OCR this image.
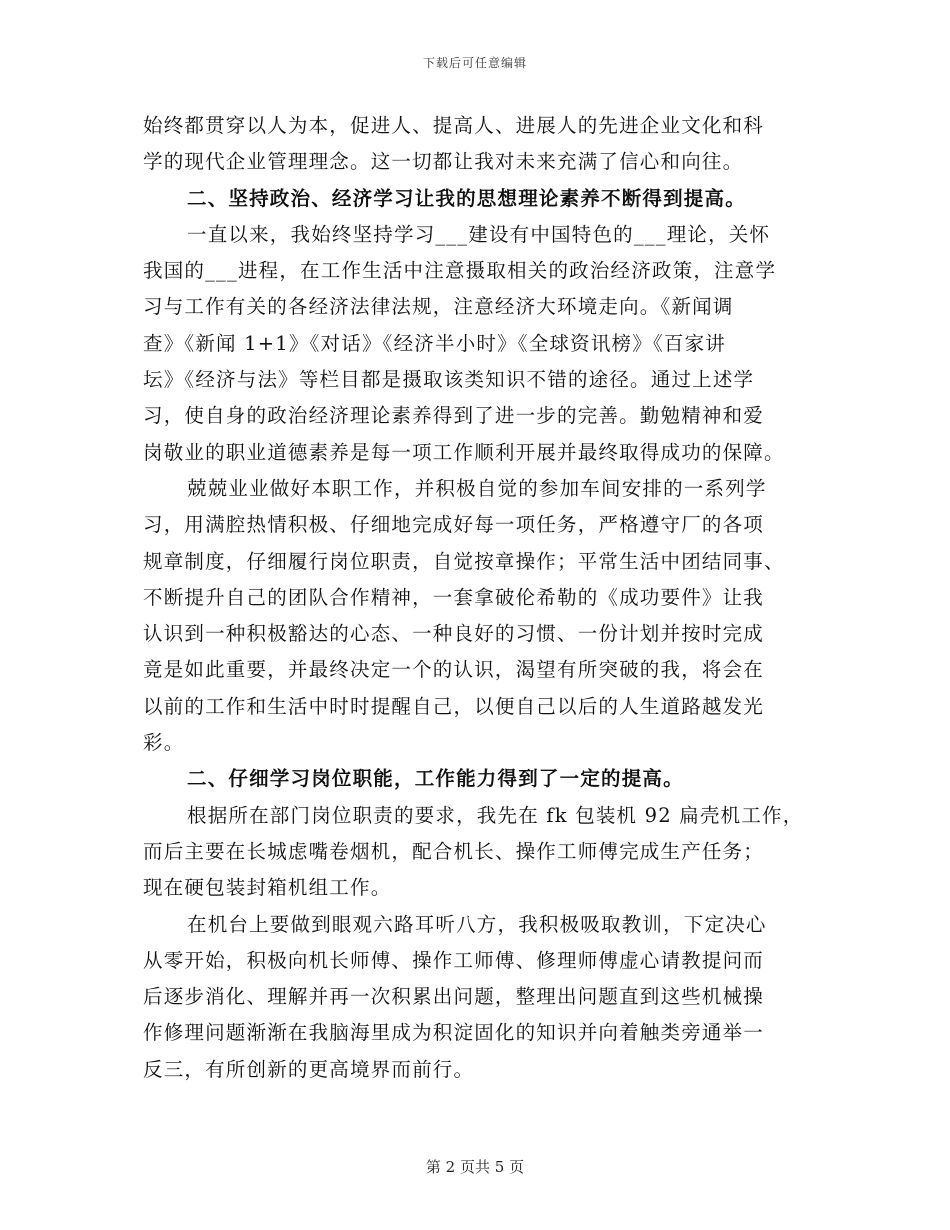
下载后可任意编辑
始终都贯穿以人为本，促进人、提高人、进展人的先进企业文化和科
学的现代企业管理理念。这一切都让我对未来充满了信心和向往。
二、坚持政治、经济学习让我的思想理论素养不断得到提高。
一直以来，我始终坚持学习___建设有中国特色的___理论，关怀
我国的___进程，在工作生活中注意摄取相关的政治经济政策，注意学
习与工作有关的各经济法律法规，注意经济大环境走向。《新闻调
查》《新闻 1+1》《对话》《经济半小时》《全球资讯榜》《百家讲
坛》《经济与法》等栏目都是摄取该类知识不错的途径。通过上述学
习，使自身的政治经济理论素养得到了进一步的完善。勤勉精神和爱
岗敬业的职业道德素养是每一项工作顺利开展并最终取得成功的保障。
兢兢业业做好本职工作，并积极自觉的参加车间安排的一系列学
习，用满腔热情积极、仔细地完成好每一项任务，严格遵守厂的各项
规章制度，仔细履行岗位职责，自觉按章操作；平常生活中团结同事、
不断提升自己的团队合作精神，一套拿破伦希勒的《成功要件》让我
认识到一种积极豁达的心态、一种良好的习惯、一份计划并按时完成
竟是如此重要，并最终决定一个的认识，渴望有所突破的我，将会在
以前的工作和生活中时时提醒自己，以便自己以后的人生道路越发光
彩。
二、仔细学习岗位职能，工作能力得到了一定的提高。
根据所在部门岗位职责的要求，我先在 fk 包装机 92 扁壳机工作，
而后主要在长城虑嘴卷烟机，配合机长、操作工师傅完成生产任务；
现在硬包装封箱机组工作。
在机台上要做到眼观六路耳听八方，我积极吸取教训，下定决心
从零开始，积极向机长师傅、操作工师傅、修理师傅虚心请教提问而
后逐步消化、理解并再一次积累出问题，整理出问题直到这些机械操
作修理问题渐渐在我脑海里成为积淀固化的知识并向着触类旁通举一
反三，有所创新的更高境界而前行。
第 2 页共 5 页
